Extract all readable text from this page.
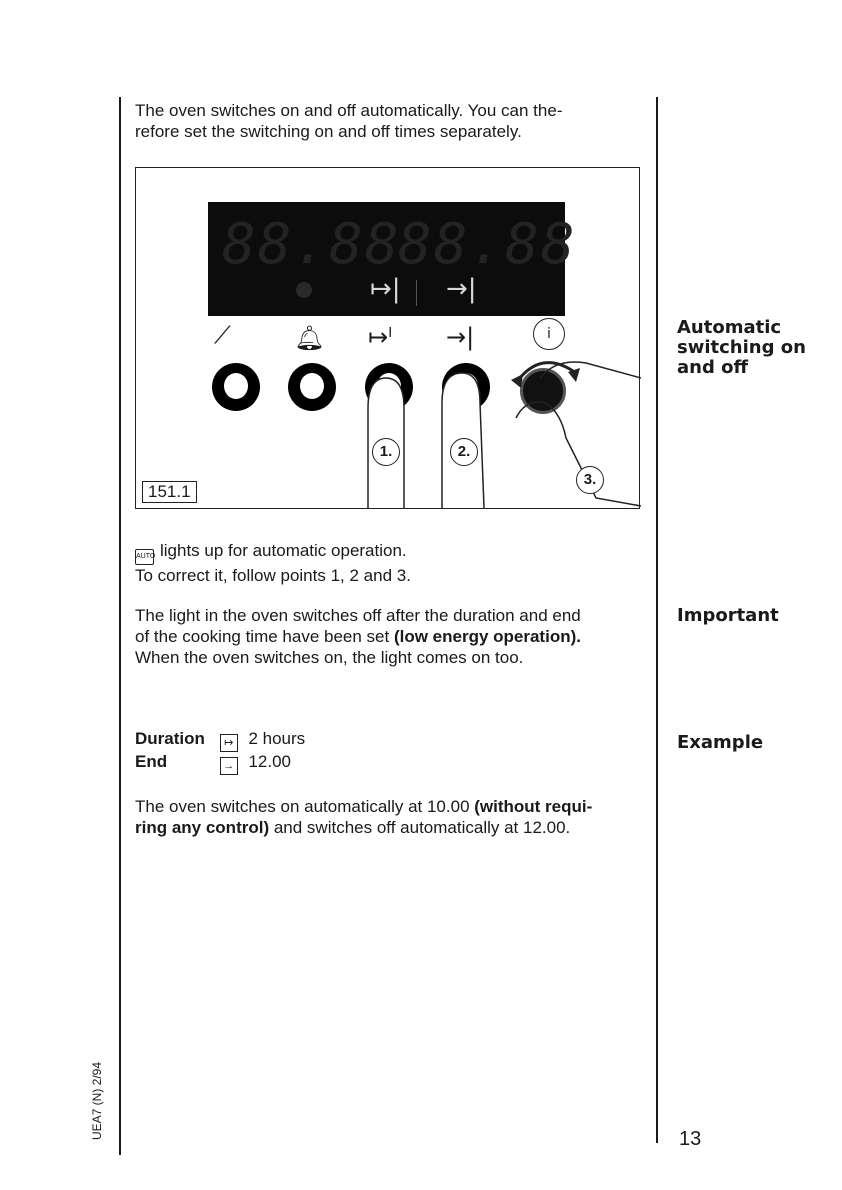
The oven switches on and off automatically. You can the-
refore set the switching on and off times separately.

88.88
88.88
↦| →|
⟋	🔔︎ ↦ˡ →|	i
1.	2.
3.
151.1

AUTO lights up for automatic operation.
To correct it, follow points 1, 2 and 3.

The light in the oven switches off after the duration and end
of the cooking time have been set (low energy operation).
When the oven switches on, the light comes on too.

Duration ↦ 2 hours
End	→ 12.00

The oven switches on automatically at 10.00 (without requi-
ring any control) and switches off automatically at 12.00.

Automatic
switching on
and off
Important
Example
UEA7 (N) 2/94	13
